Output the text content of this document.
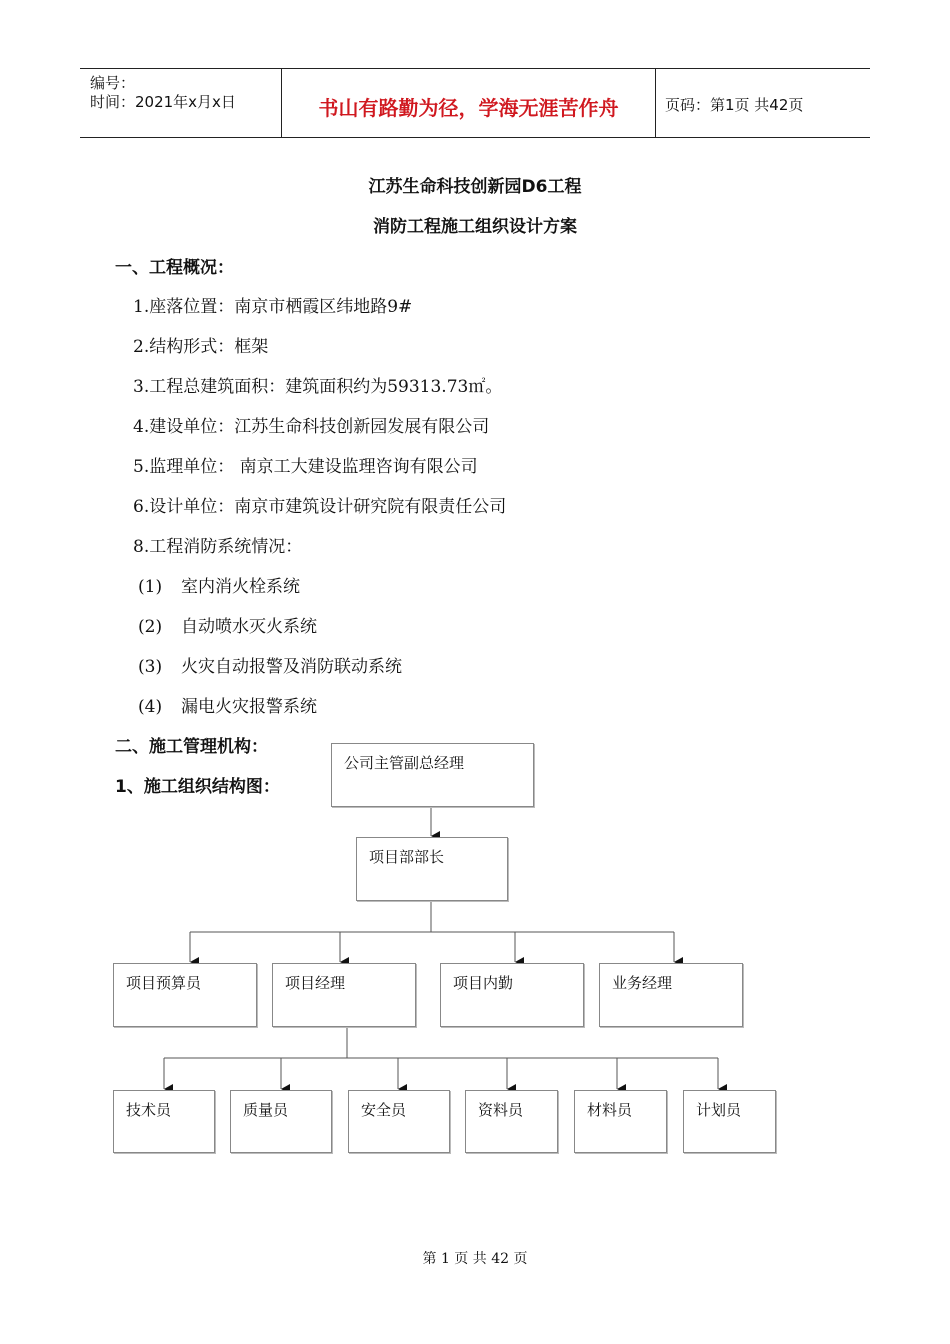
编号：
时间：2021年x月x日	书山有路勤为径，学海无涯苦作舟	页码：第1页 共42页
江苏生命科技创新园D6工程
消防工程施工组织设计方案
一、工程概况：
1.座落位置：南京市栖霞区纬地路9#
2.结构形式：框架
3.工程总建筑面积：建筑面积约为59313.73㎡。
4.建设单位：江苏生命科技创新园发展有限公司
5.监理单位： 南京工大建设监理咨询有限公司
6.设计单位：南京市建筑设计研究院有限责任公司
8.工程消防系统情况：
(1) 室内消火栓系统
(2) 自动喷水灭火系统
(3) 火灾自动报警及消防联动系统
(4) 漏电火灾报警系统
二、施工管理机构：
1、施工组织结构图：
公司主管副总经理
项目部部长
项目预算员	项目经理	项目内勤	业务经理
技术员	质量员	安全员	资料员	材料员	计划员
第 1 页 共 42 页
